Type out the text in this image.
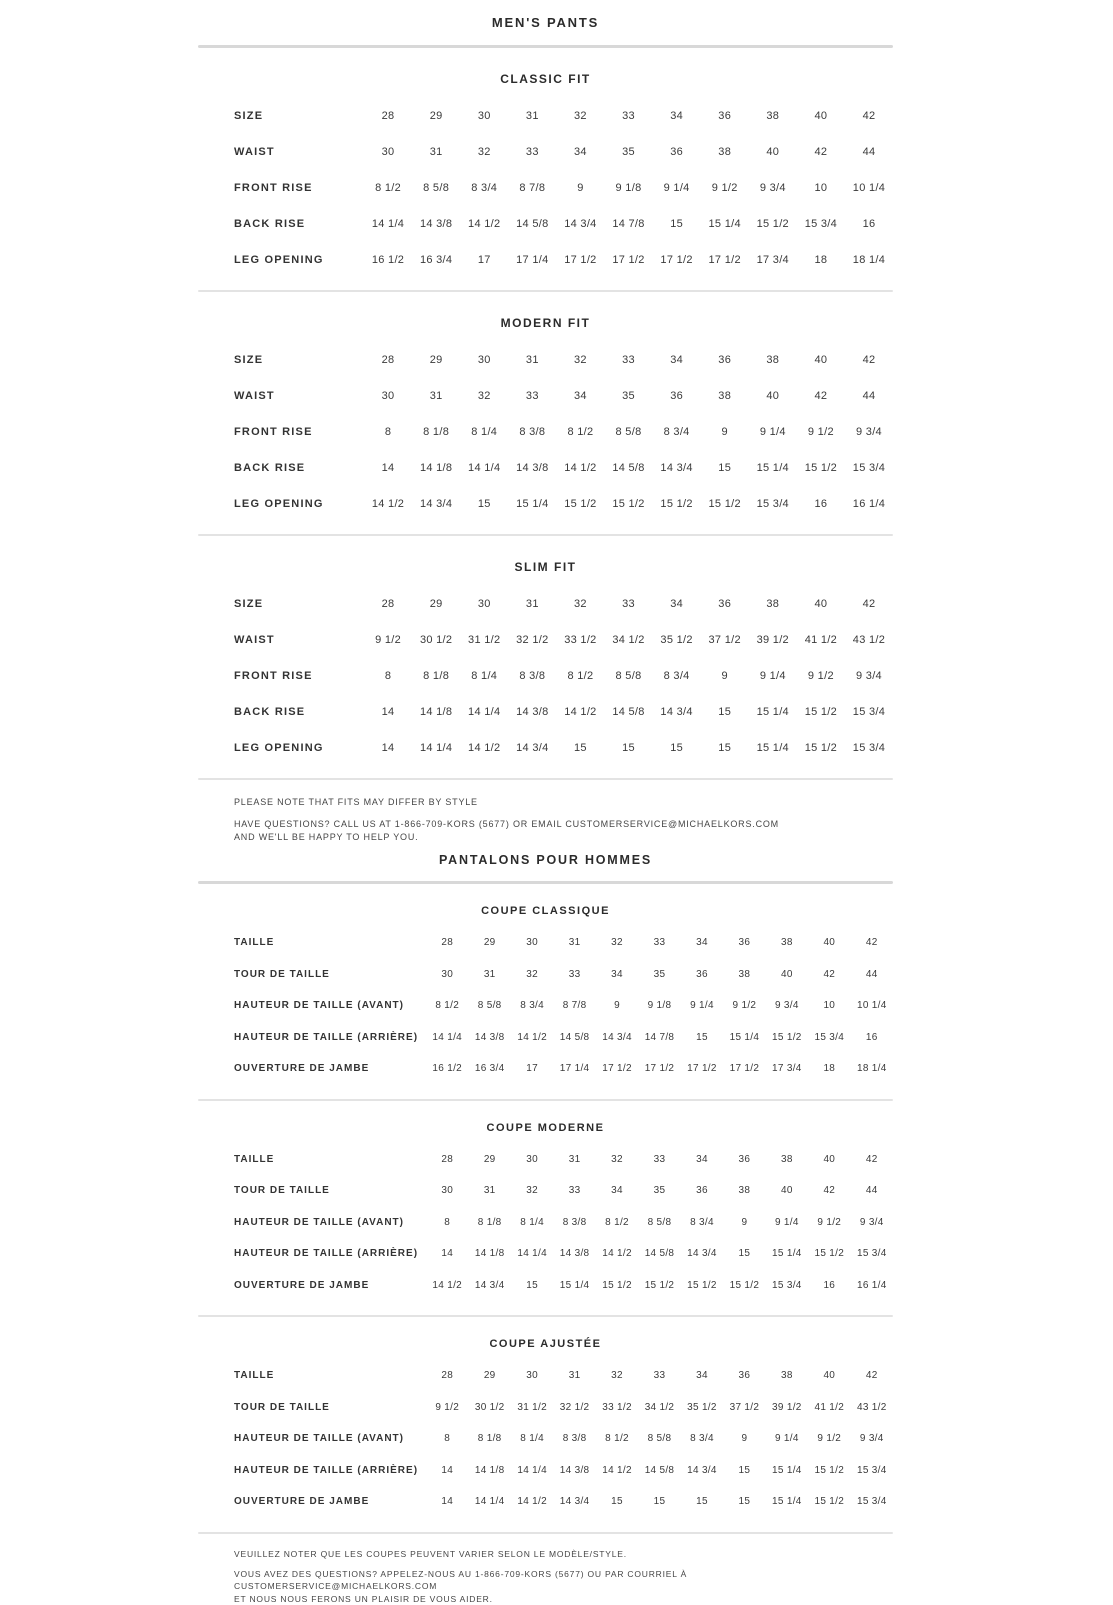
MEN'S PANTS
CLASSIC FIT
SIZE	28	29	30	31	32	33	34	36	38	40	42
WAIST	30	31	32	33	34	35	36	38	40	42	44
FRONT RISE	8 1/2	8 5/8	8 3/4	8 7/8	9	9 1/8	9 1/4	9 1/2	9 3/4	10	10 1/4
BACK RISE	14 1/4	14 3/8	14 1/2	14 5/8	14 3/4	14 7/8	15	15 1/4	15 1/2	15 3/4	16
LEG OPENING	16 1/2	16 3/4	17	17 1/4	17 1/2	17 1/2	17 1/2	17 1/2	17 3/4	18	18 1/4
MODERN FIT
SIZE	28	29	30	31	32	33	34	36	38	40	42
WAIST	30	31	32	33	34	35	36	38	40	42	44
FRONT RISE	8	8 1/8	8 1/4	8 3/8	8 1/2	8 5/8	8 3/4	9	9 1/4	9 1/2	9 3/4
BACK RISE	14	14 1/8	14 1/4	14 3/8	14 1/2	14 5/8	14 3/4	15	15 1/4	15 1/2	15 3/4
LEG OPENING	14 1/2	14 3/4	15	15 1/4	15 1/2	15 1/2	15 1/2	15 1/2	15 3/4	16	16 1/4
SLIM FIT
SIZE	28	29	30	31	32	33	34	36	38	40	42
WAIST	9 1/2	30 1/2	31 1/2	32 1/2	33 1/2	34 1/2	35 1/2	37 1/2	39 1/2	41 1/2	43 1/2
FRONT RISE	8	8 1/8	8 1/4	8 3/8	8 1/2	8 5/8	8 3/4	9	9 1/4	9 1/2	9 3/4
BACK RISE	14	14 1/8	14 1/4	14 3/8	14 1/2	14 5/8	14 3/4	15	15 1/4	15 1/2	15 3/4
LEG OPENING	14	14 1/4	14 1/2	14 3/4	15	15	15	15	15 1/4	15 1/2	15 3/4
PLEASE NOTE THAT FITS MAY DIFFER BY STYLE
HAVE QUESTIONS? CALL US AT 1-866-709-KORS (5677) OR EMAIL CUSTOMERSERVICE@MICHAELKORS.COM
AND WE'LL BE HAPPY TO HELP YOU.
PANTALONS POUR HOMMES
COUPE CLASSIQUE
TAILLE	28	29	30	31	32	33	34	36	38	40	42
TOUR DE TAILLE	30	31	32	33	34	35	36	38	40	42	44
HAUTEUR DE TAILLE (AVANT)	8 1/2	8 5/8	8 3/4	8 7/8	9	9 1/8	9 1/4	9 1/2	9 3/4	10	10 1/4
HAUTEUR DE TAILLE (ARRIÈRE)	14 1/4	14 3/8	14 1/2	14 5/8	14 3/4	14 7/8	15	15 1/4	15 1/2	15 3/4	16
OUVERTURE DE JAMBE	16 1/2	16 3/4	17	17 1/4	17 1/2	17 1/2	17 1/2	17 1/2	17 3/4	18	18 1/4
COUPE MODERNE
TAILLE	28	29	30	31	32	33	34	36	38	40	42
TOUR DE TAILLE	30	31	32	33	34	35	36	38	40	42	44
HAUTEUR DE TAILLE (AVANT)	8	8 1/8	8 1/4	8 3/8	8 1/2	8 5/8	8 3/4	9	9 1/4	9 1/2	9 3/4
HAUTEUR DE TAILLE (ARRIÈRE)	14	14 1/8	14 1/4	14 3/8	14 1/2	14 5/8	14 3/4	15	15 1/4	15 1/2	15 3/4
OUVERTURE DE JAMBE	14 1/2	14 3/4	15	15 1/4	15 1/2	15 1/2	15 1/2	15 1/2	15 3/4	16	16 1/4
COUPE AJUSTÉE
TAILLE	28	29	30	31	32	33	34	36	38	40	42
TOUR DE TAILLE	9 1/2	30 1/2	31 1/2	32 1/2	33 1/2	34 1/2	35 1/2	37 1/2	39 1/2	41 1/2	43 1/2
HAUTEUR DE TAILLE (AVANT)	8	8 1/8	8 1/4	8 3/8	8 1/2	8 5/8	8 3/4	9	9 1/4	9 1/2	9 3/4
HAUTEUR DE TAILLE (ARRIÈRE)	14	14 1/8	14 1/4	14 3/8	14 1/2	14 5/8	14 3/4	15	15 1/4	15 1/2	15 3/4
OUVERTURE DE JAMBE	14	14 1/4	14 1/2	14 3/4	15	15	15	15	15 1/4	15 1/2	15 3/4
VEUILLEZ NOTER QUE LES COUPES PEUVENT VARIER SELON LE MODÈLE/STYLE.
VOUS AVEZ DES QUESTIONS? APPELEZ-NOUS AU 1-866-709-KORS (5677) OU PAR COURRIEL À CUSTOMERSERVICE@MICHAELKORS.COM
ET NOUS NOUS FERONS UN PLAISIR DE VOUS AIDER.
